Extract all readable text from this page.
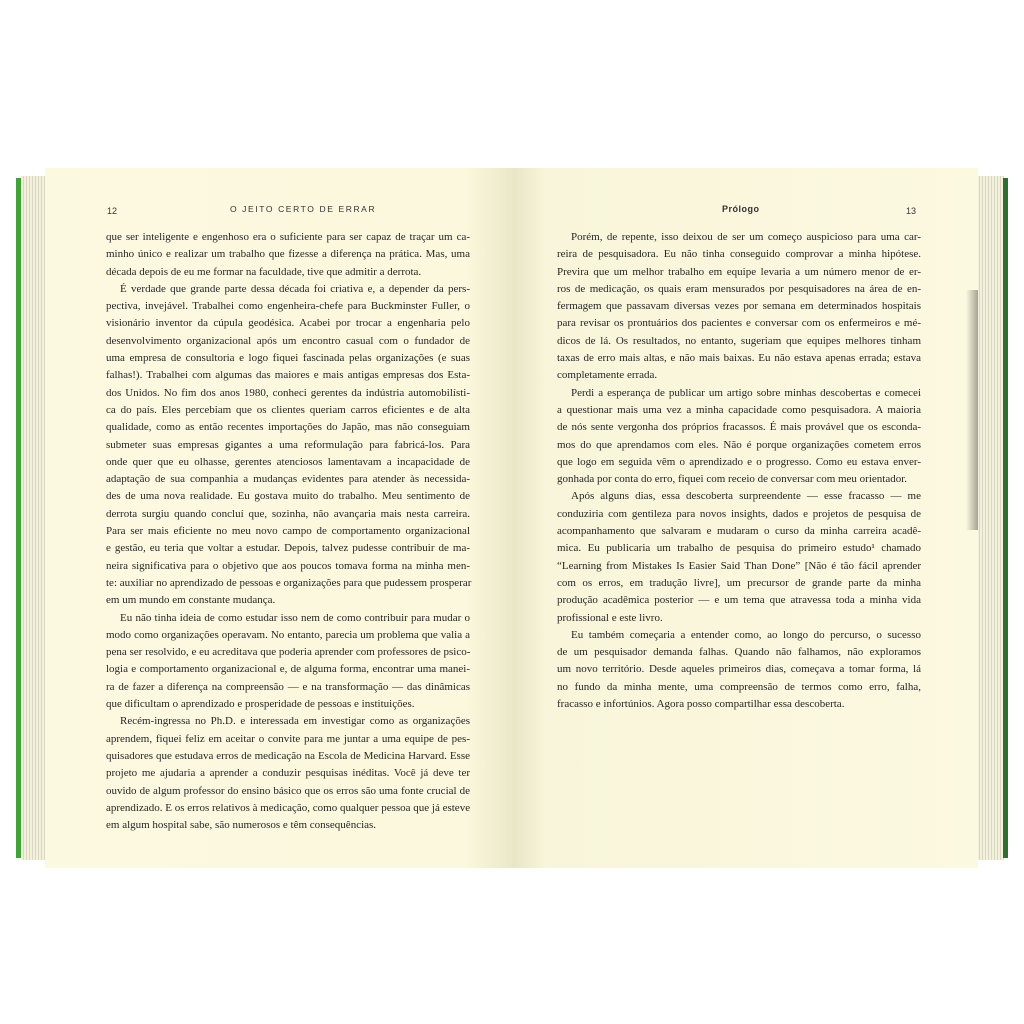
12	O JEITO CERTO DE ERRAR	Prólogo	13
que ser inteligente e engenhoso era o suficiente para ser capaz de traçar um ca-
minho único e realizar um trabalho que fizesse a diferença na prática. Mas, uma
década depois de eu me formar na faculdade, tive que admitir a derrota.
É verdade que grande parte dessa década foi criativa e, a depender da pers-
pectiva, invejável. Trabalhei como engenheira-chefe para Buckminster Fuller, o
visionário inventor da cúpula geodésica. Acabei por trocar a engenharia pelo
desenvolvimento organizacional após um encontro casual com o fundador de
uma empresa de consultoria e logo fiquei fascinada pelas organizações (e suas
falhas!). Trabalhei com algumas das maiores e mais antigas empresas dos Esta-
dos Unidos. No fim dos anos 1980, conheci gerentes da indústria automobilísti-
ca do país. Eles percebiam que os clientes queriam carros eficientes e de alta
qualidade, como as então recentes importações do Japão, mas não conseguiam
submeter suas empresas gigantes a uma reformulação para fabricá-los. Para
onde quer que eu olhasse, gerentes atenciosos lamentavam a incapacidade de
adaptação de sua companhia a mudanças evidentes para atender às necessida-
des de uma nova realidade. Eu gostava muito do trabalho. Meu sentimento de
derrota surgiu quando concluí que, sozinha, não avançaria mais nesta carreira.
Para ser mais eficiente no meu novo campo de comportamento organizacional
e gestão, eu teria que voltar a estudar. Depois, talvez pudesse contribuir de ma-
neira significativa para o objetivo que aos poucos tomava forma na minha men-
te: auxiliar no aprendizado de pessoas e organizações para que pudessem prosperar
em um mundo em constante mudança.
Eu não tinha ideia de como estudar isso nem de como contribuir para mudar o
modo como organizações operavam. No entanto, parecia um problema que valia a
pena ser resolvido, e eu acreditava que poderia aprender com professores de psico-
logia e comportamento organizacional e, de alguma forma, encontrar uma manei-
ra de fazer a diferença na compreensão — e na transformação — das dinâmicas
que dificultam o aprendizado e prosperidade de pessoas e instituições.
Recém-ingressa no Ph.D. e interessada em investigar como as organizações
aprendem, fiquei feliz em aceitar o convite para me juntar a uma equipe de pes-
quisadores que estudava erros de medicação na Escola de Medicina Harvard. Esse
projeto me ajudaria a aprender a conduzir pesquisas inéditas. Você já deve ter
ouvido de algum professor do ensino básico que os erros são uma fonte crucial de
aprendizado. E os erros relativos à medicação, como qualquer pessoa que já esteve
em algum hospital sabe, são numerosos e têm consequências.
Porém, de repente, isso deixou de ser um começo auspicioso para uma car-
reira de pesquisadora. Eu não tinha conseguido comprovar a minha hipótese.
Previra que um melhor trabalho em equipe levaria a um número menor de er-
ros de medicação, os quais eram mensurados por pesquisadores na área de en-
fermagem que passavam diversas vezes por semana em determinados hospitais
para revisar os prontuários dos pacientes e conversar com os enfermeiros e mé-
dicos de lá. Os resultados, no entanto, sugeriam que equipes melhores tinham
taxas de erro mais altas, e não mais baixas. Eu não estava apenas errada; estava
completamente errada.
Perdi a esperança de publicar um artigo sobre minhas descobertas e comecei
a questionar mais uma vez a minha capacidade como pesquisadora. A maioria
de nós sente vergonha dos próprios fracassos. É mais provável que os esconda-
mos do que aprendamos com eles. Não é porque organizações cometem erros
que logo em seguida vêm o aprendizado e o progresso. Como eu estava enver-
gonhada por conta do erro, fiquei com receio de conversar com meu orientador.
Após alguns dias, essa descoberta surpreendente — esse fracasso — me
conduziria com gentileza para novos insights, dados e projetos de pesquisa de
acompanhamento que salvaram e mudaram o curso da minha carreira acadê-
mica. Eu publicaria um trabalho de pesquisa do primeiro estudo¹ chamado
“Learning from Mistakes Is Easier Said Than Done” [Não é tão fácil aprender
com os erros, em tradução livre], um precursor de grande parte da minha
produção acadêmica posterior — e um tema que atravessa toda a minha vida
profissional e este livro.
Eu também começaria a entender como, ao longo do percurso, o sucesso
de um pesquisador demanda falhas. Quando não falhamos, não exploramos
um novo território. Desde aqueles primeiros dias, começava a tomar forma, lá
no fundo da minha mente, uma compreensão de termos como erro, falha,
fracasso e infortúnios. Agora posso compartilhar essa descoberta.
